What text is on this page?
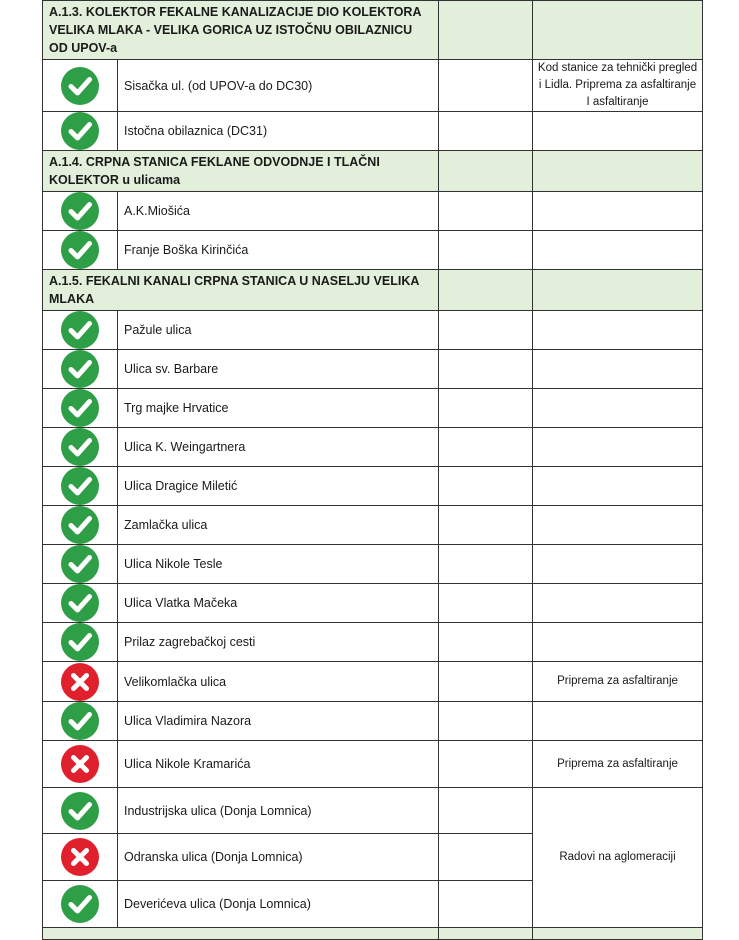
A.1.3. KOLEKTOR FEKALNE KANALIZACIJE DIO KOLEKTORA VELIKA MLAKA - VELIKA GORICA UZ ISTOČNU OBILAZNICU OD UPOV-a			

	Sisačka ul. (od UPOV-a do DC30)		Kod stanice za tehnički pregled i Lidla. Priprema za asfaltiranje I asfaltiranje

	Istočna obilaznica (DC31)		
A.1.4. CRPNA STANICA FEKLANE ODVODNJE I TLAČNI KOLEKTOR u ulicama			

	A.K.Miošića		

	Franje Boška Kirinčića		
A.1.5. FEKALNI KANALI CRPNA STANICA U NASELJU VELIKA MLAKA			

	Pažule ulica		

	Ulica sv. Barbare		

	Trg majke Hrvatice		

	Ulica K. Weingartnera		

	Ulica Dragice Miletić		

	Zamlačka ulica		

	Ulica Nikole Tesle		

	Ulica Vlatka Mačeka		

	Prilaz zagrebačkoj cesti		

	Velikomlačka ulica		Priprema za asfaltiranje

	Ulica Vladimira Nazora		

	Ulica Nikole Kramarića		Priprema za asfaltiranje

	Industrijska ulica (Donja Lomnica)		Radovi na aglomeraciji

	Odranska ulica (Donja Lomnica)		

	Deverićeva ulica (Donja Lomnica)		
